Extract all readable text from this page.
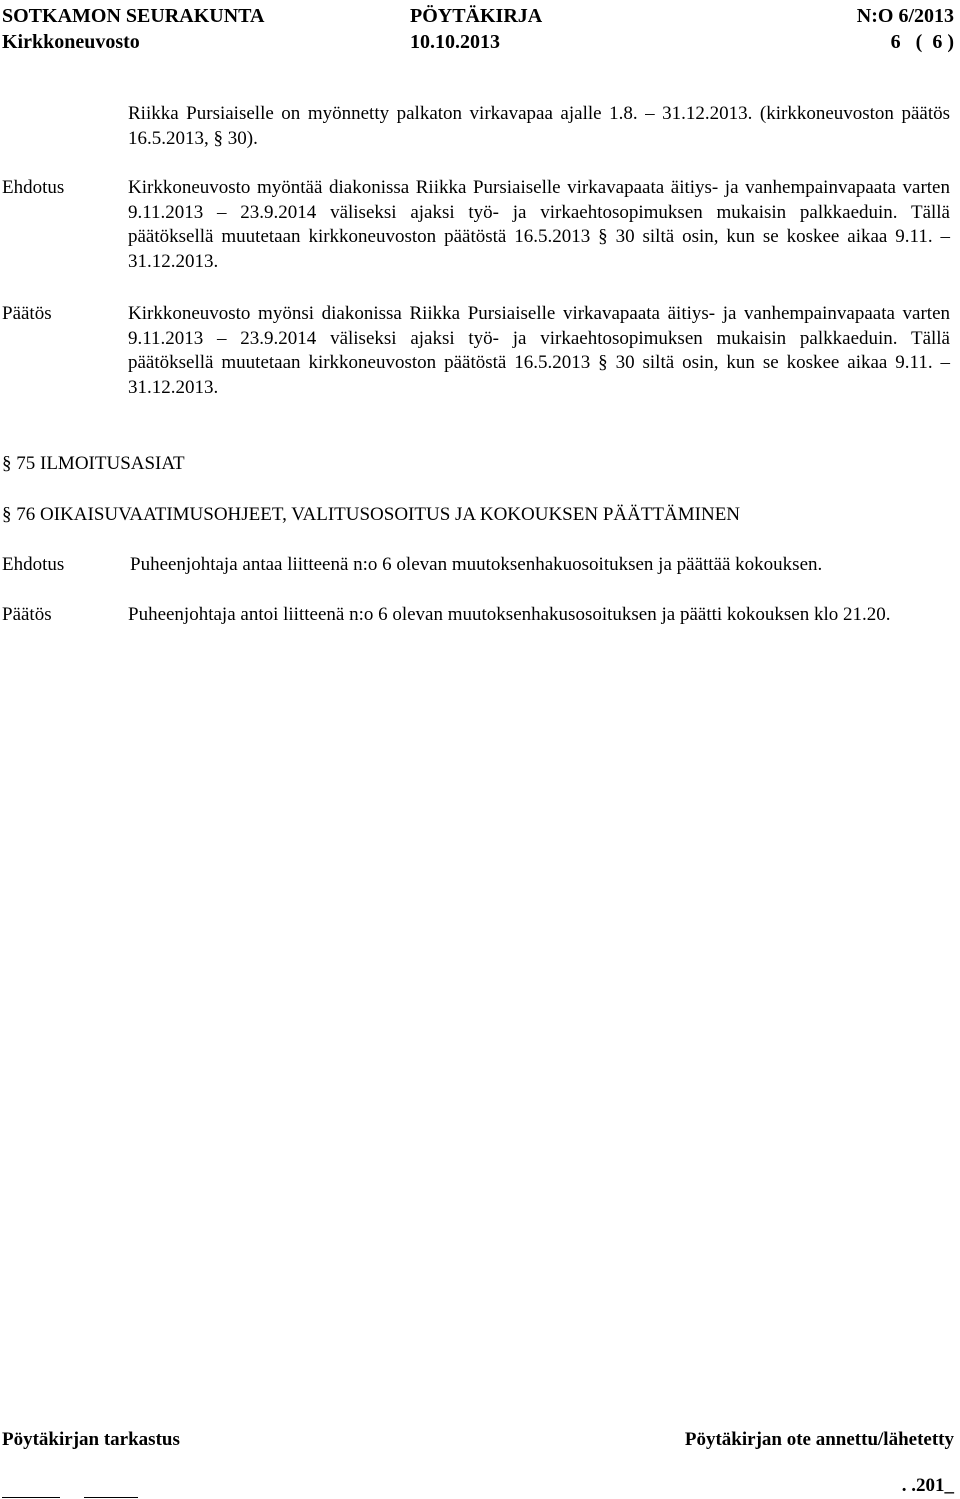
SOTKAMON SEURAKUNTA	PÖYTÄKIRJA	N:O 6/2013
Kirkkoneuvosto	10.10.2013	6   (  6 )
Riikka Pursiaiselle on myönnetty palkaton virkavapaa ajalle 1.8. – 31.12.2013. (kirkkoneuvoston päätös 16.5.2013, § 30).
Ehdotus	Kirkkoneuvosto myöntää diakonissa Riikka Pursiaiselle virkavapaata äitiys- ja vanhempainvapaata varten 9.11.2013 – 23.9.2014 väliseksi ajaksi työ- ja virkaehtosopimuksen mukaisin palkkaeduin. Tällä päätöksellä muutetaan kirkkoneuvoston päätöstä 16.5.2013 § 30 siltä osin, kun se koskee aikaa 9.11. – 31.12.2013.
Päätös	Kirkkoneuvosto myönsi diakonissa Riikka Pursiaiselle virkavapaata äitiys- ja vanhempainvapaata varten 9.11.2013 – 23.9.2014 väliseksi ajaksi työ- ja virkaehtosopimuksen mukaisin palkkaeduin. Tällä päätöksellä muutetaan kirkkoneuvoston päätöstä 16.5.2013 § 30 siltä osin, kun se koskee aikaa 9.11. – 31.12.2013.
§ 75 ILMOITUSASIAT
§ 76 OIKAISUVAATIMUSOHJEET, VALITUSOSOITUS JA KOKOUKSEN PÄÄTTÄMINEN
Ehdotus	Puheenjohtaja antaa liitteenä n:o 6 olevan muutoksenhakuosoituksen ja päättää kokouksen.
Päätös	Puheenjohtaja antoi liitteenä n:o 6 olevan muutoksenhakusosoituksen ja päätti kokouksen klo 21.20.
Pöytäkirjan tarkastus	Pöytäkirjan ote annettu/lähetetty
. .201_
